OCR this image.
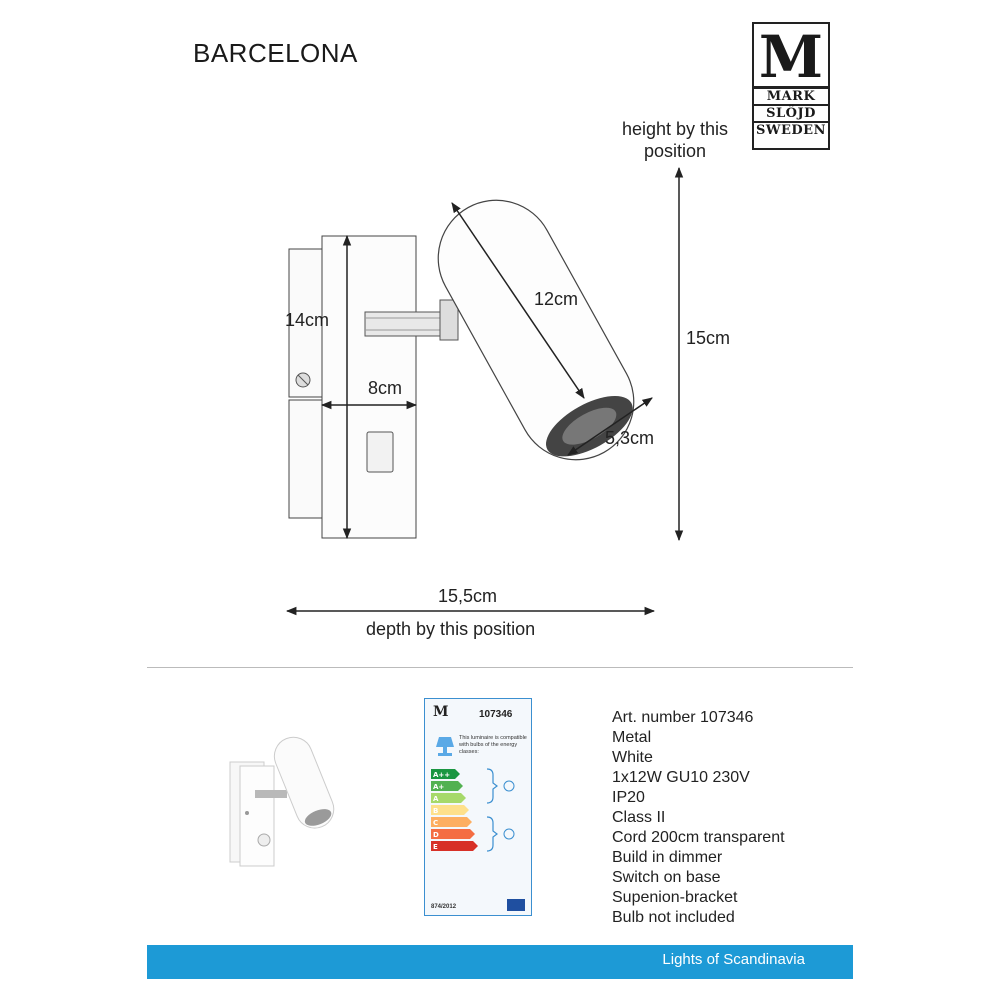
BARCELONA	M
MARK
SLÖJD
SWEDEN
height by this
position
14cm
8cm
12cm
5,3cm
15cm
15,5cm
depth by this position
M	107346
This luminaire is compatible with bulbs of the energy classes:
A++
A+
A
B
C
D
E
874/2012
Art. number 107346
Metal
White
1x12W GU10 230V
IP20
Class II
Cord 200cm transparent
Build in dimmer
Switch on base
Supenion-bracket
Bulb not included
Lights of Scandinavia
